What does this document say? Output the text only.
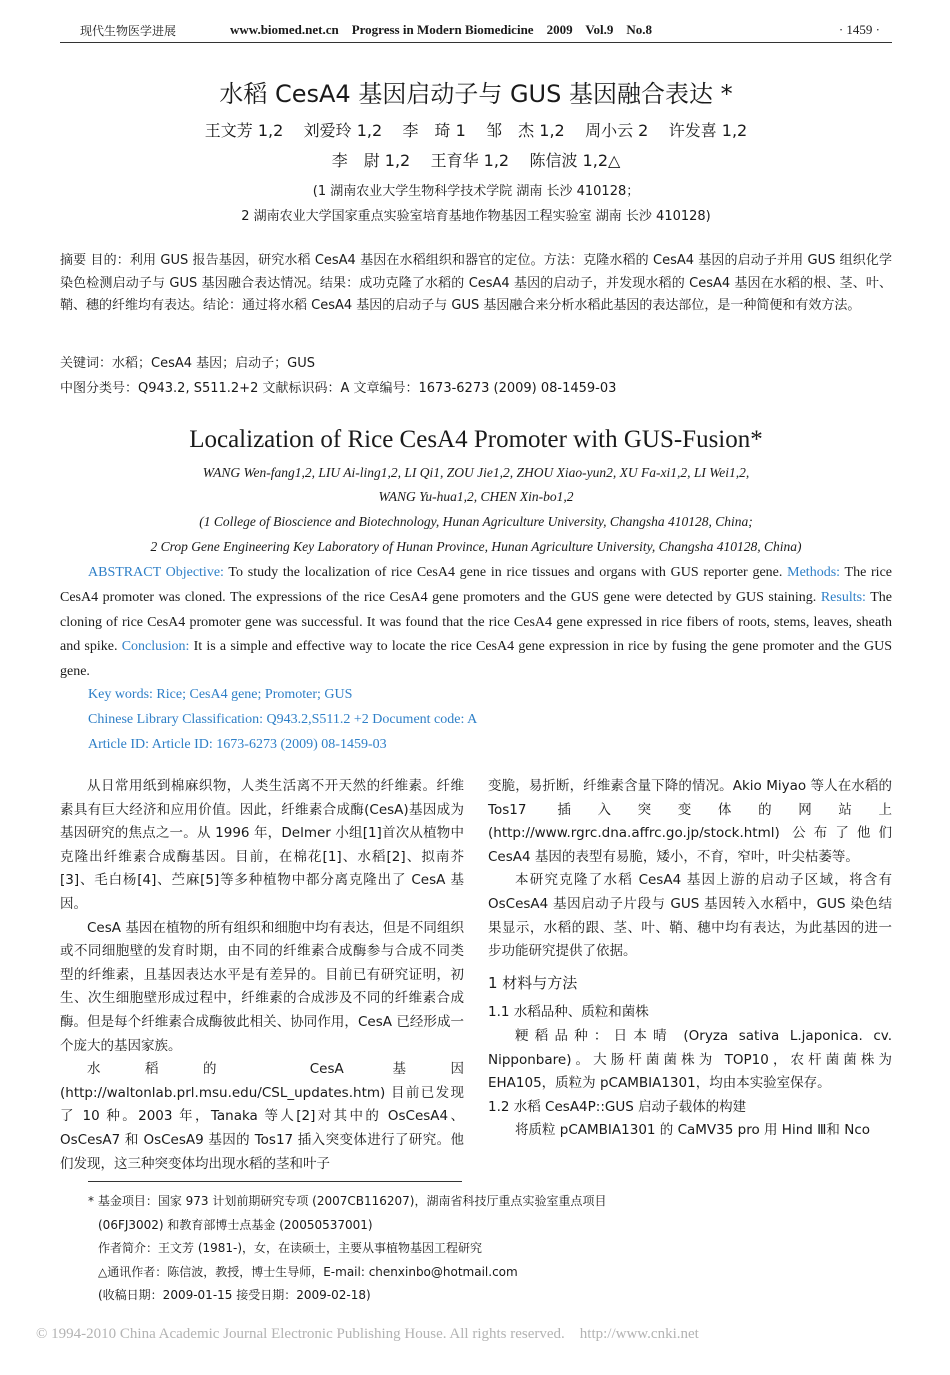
现代生物医学进展	www.biomed.net.cn    Progress in Modern Biomedicine    2009    Vol.9    No.8	· 1459 ·
水稻 CesA4 基因启动子与 GUS 基因融合表达 *
王文芳 1,2 刘爱玲 1,2 李　琦 1 邹　杰 1,2 周小云 2 许发喜 1,2
李　尉 1,2 王育华 1,2 陈信波 1,2△
(1 湖南农业大学生物科学技术学院 湖南 长沙 410128；
2 湖南农业大学国家重点实验室培育基地作物基因工程实验室 湖南 长沙 410128)
摘要 目的：利用 GUS 报告基因，研究水稻 CesA4 基因在水稻组织和器官的定位。方法：克隆水稻的 CesA4 基因的启动子并用 GUS 组织化学染色检测启动子与 GUS 基因融合表达情况。结果：成功克隆了水稻的 CesA4 基因的启动子，并发现水稻的 CesA4 基因在水稻的根、茎、叶、鞘、穗的纤维均有表达。结论：通过将水稻 CesA4 基因的启动子与 GUS 基因融合来分析水稻此基因的表达部位，是一种简便和有效方法。
关键词：水稻；CesA4 基因；启动子；GUS
中图分类号：Q943.2, S511.2+2 文献标识码：A 文章编号：1673-6273 (2009) 08-1459-03
Localization of Rice CesA4 Promoter with GUS-Fusion*
WANG Wen-fang1,2, LIU Ai-ling1,2, LI Qi1, ZOU Jie1,2, ZHOU Xiao-yun2, XU Fa-xi1,2, LI Wei1,2,
WANG Yu-hua1,2, CHEN Xin-bo1,2
(1 College of Bioscience and Biotechnology, Hunan Agriculture University, Changsha 410128, China;
2 Crop Gene Engineering Key Laboratory of Hunan Province, Hunan Agriculture University, Changsha 410128, China)
ABSTRACT Objective: To study the localization of rice CesA4 gene in rice tissues and organs with GUS reporter gene. Methods: The rice CesA4 promoter was cloned. The expressions of the rice CesA4 gene promoters and the GUS gene were detected by GUS staining. Results: The cloning of rice CesA4 promoter gene was successful. It was found that the rice CesA4 gene expressed in rice fibers of roots, stems, leaves, sheath and spike. Conclusion: It is a simple and effective way to locate the rice CesA4 gene expression in rice by fusing the gene promoter and the GUS gene.
Key words: Rice; CesA4 gene; Promoter; GUS
Chinese Library Classification: Q943.2,S511.2 +2 Document code: A
Article ID: Article ID: 1673-6273 (2009) 08-1459-03

从日常用纸到棉麻织物，人类生活离不开天然的纤维素。纤维素具有巨大经济和应用价值。因此，纤维素合成酶(CesA)基因成为基因研究的焦点之一。从 1996 年，Delmer 小组[1]首次从植物中克隆出纤维素合成酶基因。目前，在棉花[1]、水稻[2]、拟南芥[3]、毛白杨[4]、苎麻[5]等多种植物中都分离克隆出了 CesA 基因。

CesA 基因在植物的所有组织和细胞中均有表达，但是不同组织或不同细胞壁的发育时期，由不同的纤维素合成酶参与合成不同类型的纤维素，且基因表达水平是有差异的。目前已有研究证明，初生、次生细胞壁形成过程中，纤维素的合成涉及不同的纤维素合成酶。但是每个纤维素合成酶彼此相关、协同作用，CesA 已经形成一个庞大的基因家族。

水稻的 CesA 基因 (http://waltonlab.prl.msu.edu/CSL_updates.htm) 目前已发现了 10 种。2003 年，Tanaka 等人[2]对其中的 OsCesA4、OsCesA7 和 OsCesA9 基因的 Tos17 插入突变体进行了研究。他们发现，这三种突变体均出现水稻的茎和叶子

变脆，易折断，纤维素含量下降的情况。Akio Miyao 等人在水稻的 Tos17 插入突变体的网站上 (http://www.rgrc.dna.affrc.go.jp/stock.html) 公布了他们 CesA4 基因的表型有易脆，矮小，不育，窄叶，叶尖枯萎等。

本研究克隆了水稻 CesA4 基因上游的启动子区域，将含有 OsCesA4 基因启动子片段与 GUS 基因转入水稻中，GUS 染色结果显示，水稻的跟、茎、叶、鞘、穗中均有表达，为此基因的进一步功能研究提供了依据。

1 材料与方法

1.1 水稻品种、质粒和菌株

粳稻品种：日本晴 (Oryza sativa L.japonica. cv. Nipponbare)。大肠杆菌菌株为 TOP10，农杆菌菌株为 EHA105，质粒为 pCAMBIA1301，均由本实验室保存。

1.2 水稻 CesA4P::GUS 启动子载体的构建

将质粒 pCAMBIA1301 的 CaMV35 pro 用 Hind Ⅲ和 Nco

* 基金项目：国家 973 计划前期研究专项 (2007CB116207)，湖南省科技厅重点实验室重点项目
(06FJ3002) 和教育部博士点基金 (20050537001)
作者简介：王文芳 (1981-)，女，在读硕士，主要从事植物基因工程研究
△通讯作者：陈信波，教授，博士生导师，E-mail: chenxinbo@hotmail.com
(收稿日期：2009-01-15 接受日期：2009-02-18)
© 1994-2010 China Academic Journal Electronic Publishing House. All rights reserved.    http://www.cnki.net
